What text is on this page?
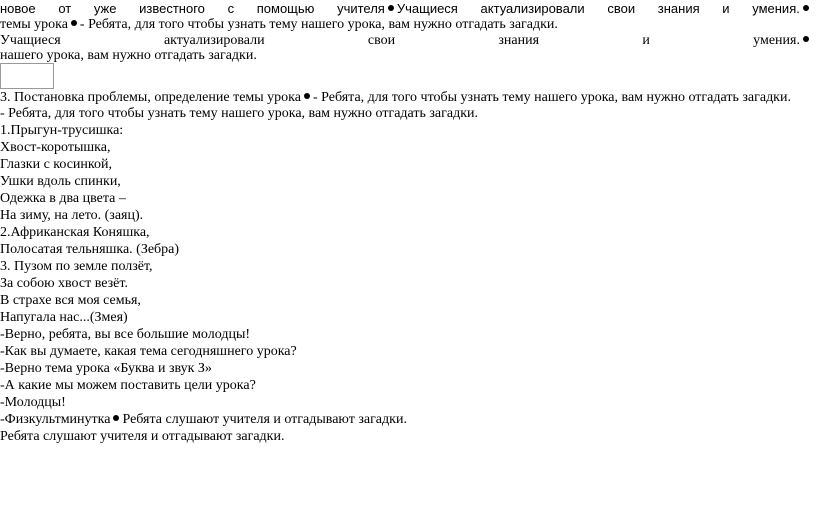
новое от уже известного с помощью учителя Учащиеся актуализировали свои знания и умения.
темы урока - Ребята, для того чтобы узнать тему нашего урока, вам нужно отгадать загадки.
Учащиеся	актуализировали	свои	знания	и	умения.
нашего урока, вам нужно отгадать загадки.
3. Постановка проблемы, определение темы урока - Ребята, для того чтобы узнать тему нашего урока, вам нужно отгадать загадки.
- Ребята, для того чтобы узнать тему нашего урока, вам нужно отгадать загадки.
1.Прыгун-трусишка:
Хвост-коротышка,
Глазки с косинкой,
Ушки вдоль спинки,
Одежка в два цвета –
На зиму, на лето. (заяц).
2.Африканская Коняшка,
Полосатая тельняшка. (Зебра)
3. Пузом по земле ползёт,
За собою хвост везёт.
В страхе вся моя семья,
Напугала нас...(Змея)
-Верно, ребята, вы все большие молодцы!
-Как вы думаете, какая тема сегодняшнего урока?
-Верно тема урока «Буква и звук З»
-А какие мы можем поставить цели урока?
-Молодцы!
-Физкультминутка Ребята слушают учителя и отгадывают загадки.
Ребята слушают учителя и отгадывают загадки.
